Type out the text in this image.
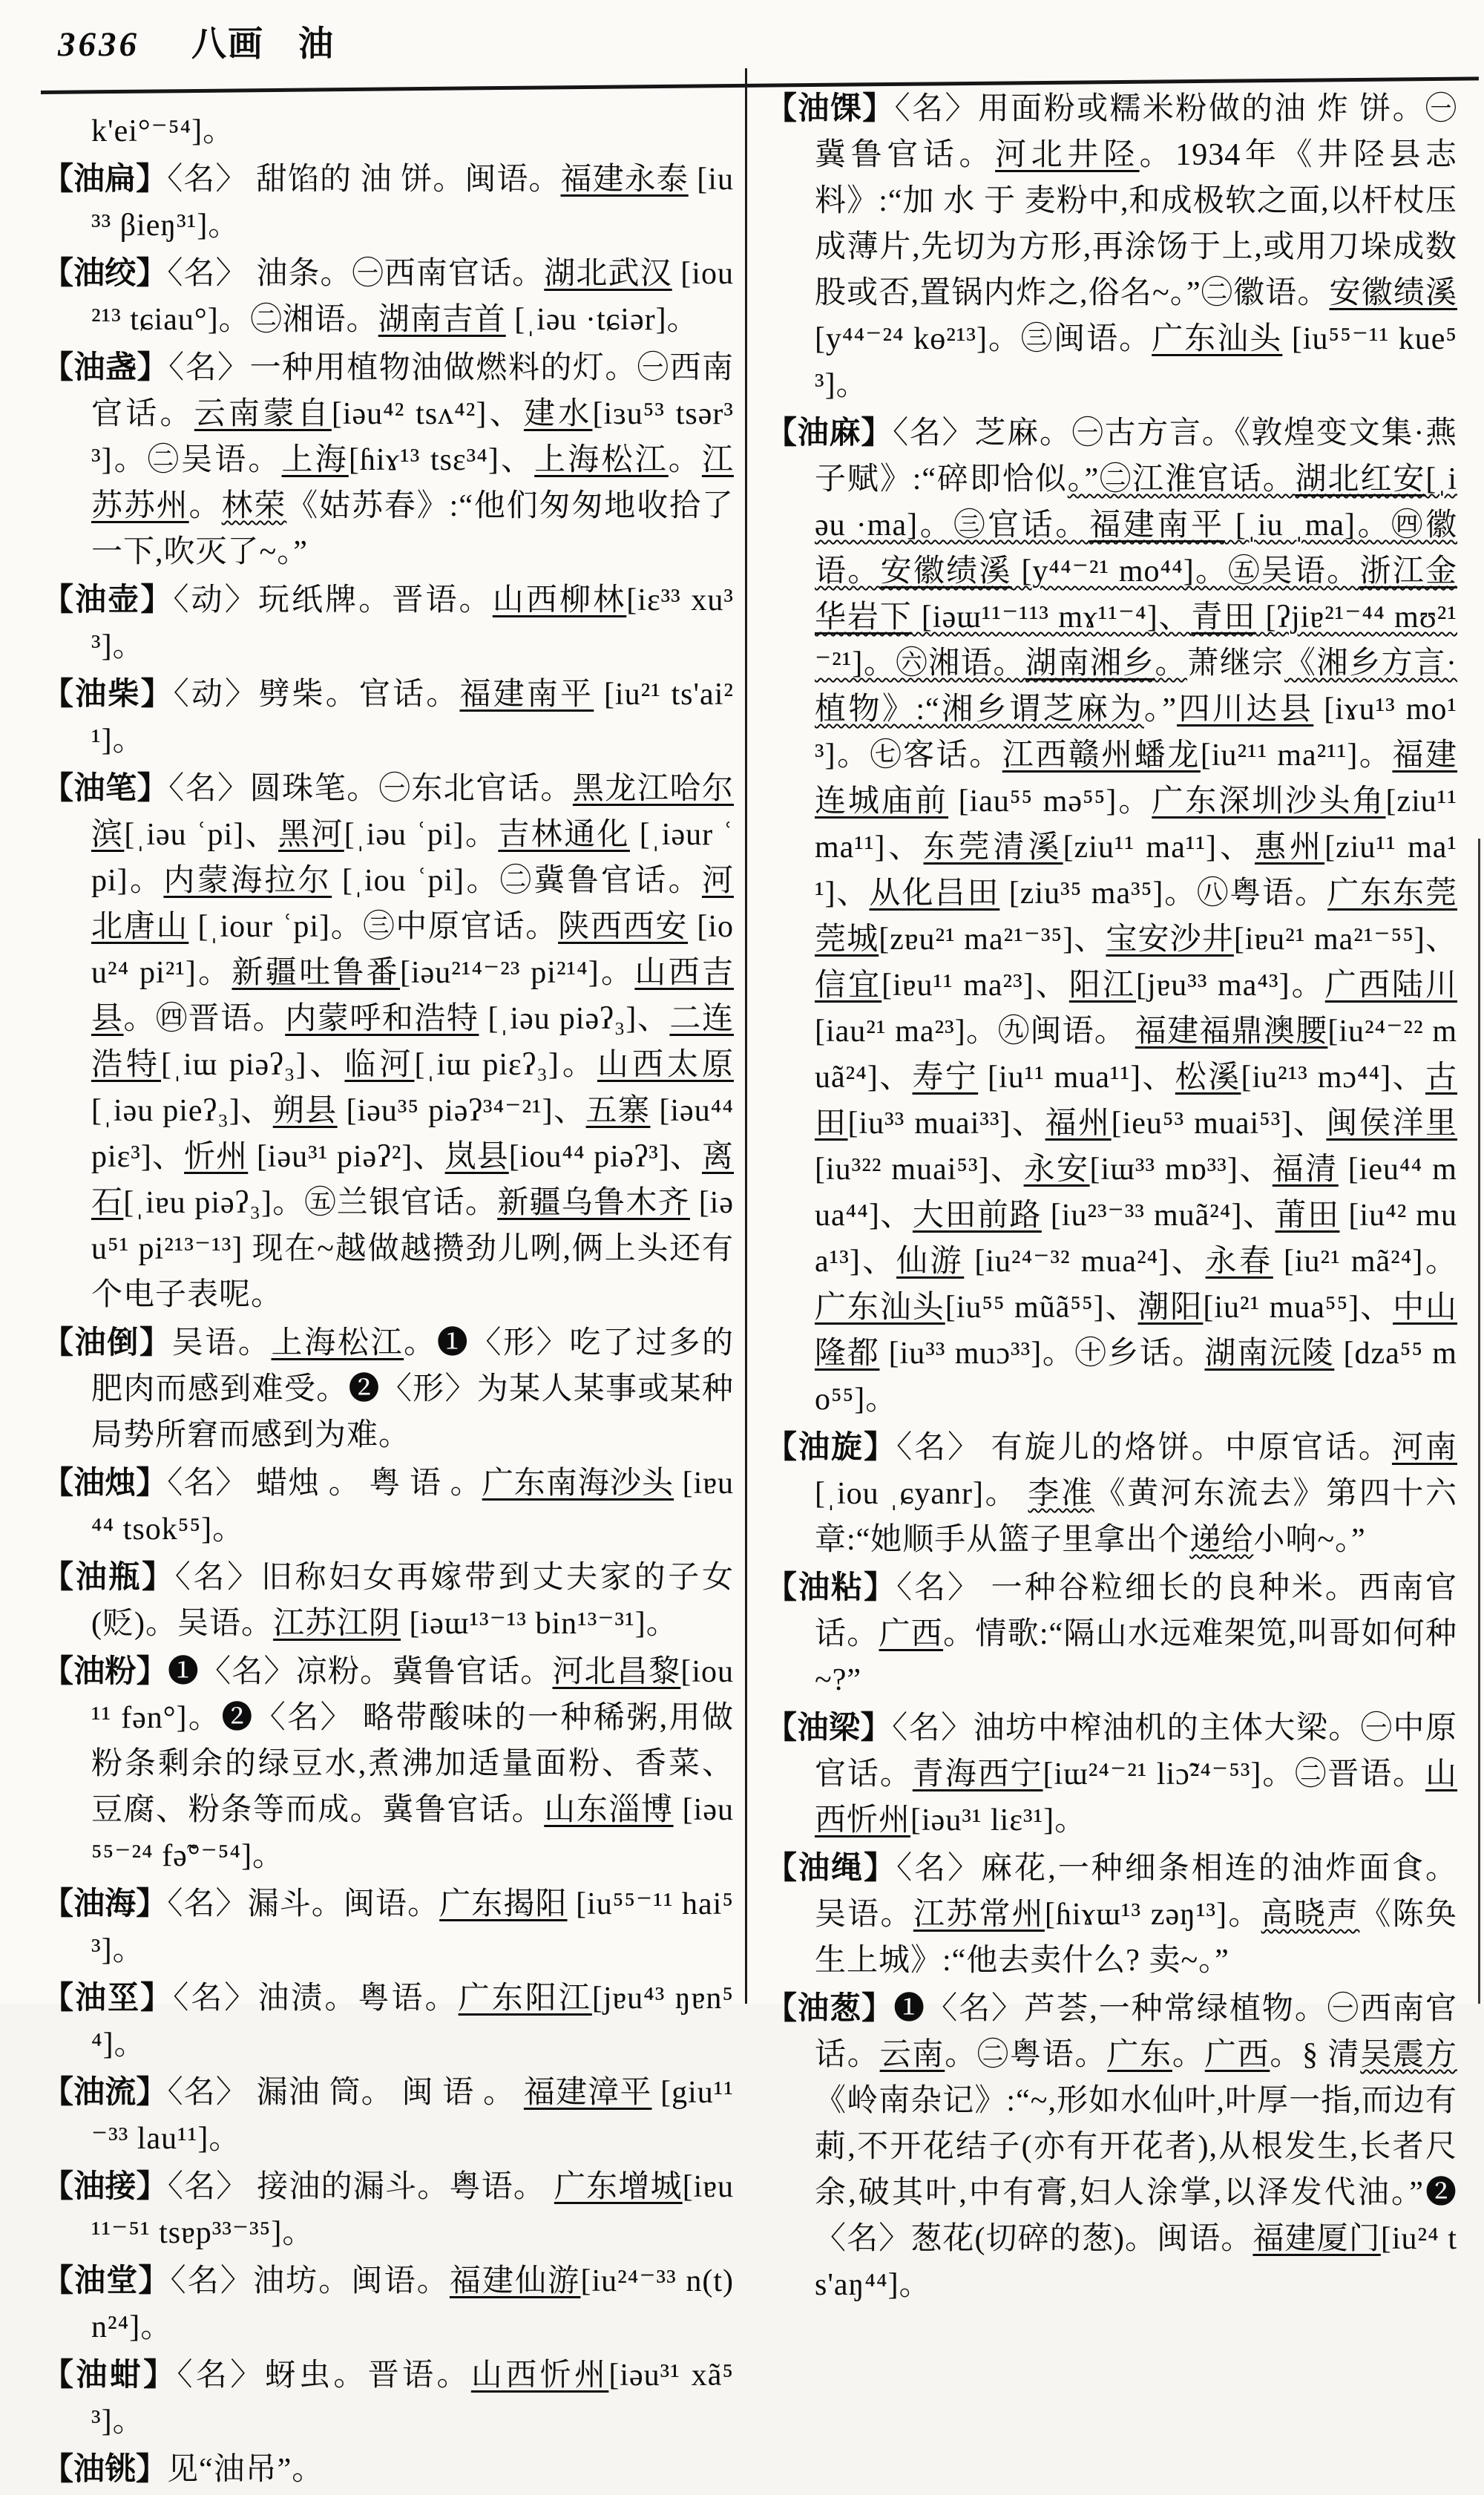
3636 八画 油

k'ei°⁻⁵⁴]。

【油扁】〈名〉 甜馅的 油 饼。闽语。福建永泰 [iu³³ βieŋ³¹]。

【油绞】〈名〉 油条。㊀西南官话。湖北武汉 [iou²¹³ tɕiau°]。㊁湘语。湖南吉首 [ˌiəu ·tɕiər]。

【油盏】〈名〉一种用植物油做燃料的灯。㊀西南官话。云南蒙自[iəu⁴² tsʌ⁴²]、建水[iɜu⁵³ tsər³³]。㊁吴语。上海[ɦiɤ¹³ tsɛ³⁴]、上海松江。江苏苏州。林荣《姑苏春》:“他们匆匆地收拾了一下,吹灭了~。”

【油壶】〈动〉玩纸牌。晋语。山西柳林[iɛ³³ xu³³]。

【油柴】〈动〉劈柴。官话。福建南平 [iu²¹ ts'ai²¹]。

【油笔】〈名〉圆珠笔。㊀东北官话。黑龙江哈尔滨[ˌiəu ʿpi]、黑河[ˌiəu ʿpi]。吉林通化 [ˌiəur ʿpi]。内蒙海拉尔 [ˌiou ʿpi]。㊁冀鲁官话。河北唐山 [ˌiour ʿpi]。㊂中原官话。陕西西安 [iou²⁴ pi²¹]。新疆吐鲁番[iəu²¹⁴⁻²³ pi²¹⁴]。山西吉县。㊃晋语。内蒙呼和浩特 [ˌiəu piəʔ₃]、二连浩特[ˌiɯ piəʔ₃]、临河[ˌiɯ piɛʔ₃]。山西太原 [ˌiəu pieʔ₃]、朔县 [iəu³⁵ piəʔ³⁴⁻²¹]、五寨 [iəu⁴⁴ piɛ³]、忻州 [iəu³¹ piəʔ²]、岚县[iou⁴⁴ piəʔ³]、离石[ˌiɐu piəʔ₃]。㊄兰银官话。新疆乌鲁木齐 [iəu⁵¹ pi²¹³⁻¹³] 现在~越做越攒劲儿咧,俩上头还有个电子表呢。

【油倒】吴语。上海松江。❶〈形〉吃了过多的肥肉而感到难受。❷〈形〉为某人某事或某种局势所窘而感到为难。

【油烛】〈名〉 蜡烛 。 粤 语 。广东南海沙头 [iɐu⁴⁴ tsok⁵⁵]。

【油瓶】〈名〉旧称妇女再嫁带到丈夫家的子女(贬)。吴语。江苏江阴 [iəɯ¹³⁻¹³ bin¹³⁻³¹]。

【油粉】❶〈名〉凉粉。冀鲁官话。河北昌黎[iou¹¹ fən°]。❷〈名〉 略带酸味的一种稀粥,用做粉条剩余的绿豆水,煮沸加适量面粉、香菜、豆腐、粉条等而成。冀鲁官话。山东淄博 [iəu⁵⁵⁻²⁴ fə̃°⁻⁵⁴]。

【油海】〈名〉漏斗。闽语。广东揭阳 [iu⁵⁵⁻¹¹ hai⁵³]。

【油坙】〈名〉油渍。粤语。广东阳江[jɐu⁴³ ŋɐn⁵⁴]。

【油流】〈名〉 漏油 筒。 闽 语 。 福建漳平 [giu¹¹⁻³³ lau¹¹]。

【油接】〈名〉 接油的漏斗。粤语。 广东增城[iɐu¹¹⁻⁵¹ tsɐp³³⁻³⁵]。

【油堂】〈名〉油坊。闽语。福建仙游[iu²⁴⁻³³ n(t)n²⁴]。

【油蚶】〈名〉蚜虫。晋语。山西忻州[iəu³¹ xã⁵³]。

【油铫】见“油吊”。

【油馃】〈名〉用面粉或糯米粉做的油 炸 饼。㊀冀鲁官话。河北井陉。1934年《井陉县志 料》:“加 水 于 麦粉中,和成极软之面,以杆杖压成薄片,先切为方形,再涂饧于上,或用刀垛成数股或否,置锅内炸之,俗名~。”㊁徽语。安徽绩溪[y⁴⁴⁻²⁴ kɵ²¹³]。㊂闽语。广东汕头 [iu⁵⁵⁻¹¹ kue⁵³]。

【油麻】〈名〉芝麻。㊀古方言。《敦煌变文集·燕子赋》:“碎即恰似。”㊁江淮官话。湖北红安[ˌiəu ·ma]。㊂官话。福建南平 [ˌiu ˌma]。㊃徽语。安徽绩溪 [y⁴⁴⁻²¹ mo⁴⁴]。㊄吴语。浙江金华岩下 [iəɯ¹¹⁻¹¹³ mɤ¹¹⁻⁴]、青田 [ʔjiɐ²¹⁻⁴⁴ mʊ²¹⁻²¹]。㊅湘语。湖南湘乡。萧继宗《湘乡方言·植物》:“湘乡谓芝麻为。”四川达县 [iɤu¹³ mo¹³]。㊆客话。江西赣州蟠龙[iu²¹¹ ma²¹¹]。福建连城庙前 [iau⁵⁵ mə⁵⁵]。广东深圳沙头角[ziu¹¹ ma¹¹]、东莞清溪[ziu¹¹ ma¹¹]、惠州[ziu¹¹ ma¹¹]、从化吕田 [ziu³⁵ ma³⁵]。㊇粤语。广东东莞莞城[zɐu²¹ ma²¹⁻³⁵]、宝安沙井[iɐu²¹ ma²¹⁻⁵⁵]、信宜[iɐu¹¹ ma²³]、阳江[jɐu³³ ma⁴³]。广西陆川 [iau²¹ ma²³]。㊈闽语。 福建福鼎澳腰[iu²⁴⁻²² muã²⁴]、寿宁 [iu¹¹ mua¹¹]、松溪[iu²¹³ mɔ⁴⁴]、古田[iu³³ muai³³]、福州[ieu⁵³ muai⁵³]、闽侯洋里[iu³²² muai⁵³]、永安[iɯ³³ mɒ³³]、福清 [ieu⁴⁴ mua⁴⁴]、大田前路 [iu²³⁻³³ muã²⁴]、莆田 [iu⁴² mua¹³]、仙游 [iu²⁴⁻³² mua²⁴]、永春 [iu²¹ mã²⁴]。广东汕头[iu⁵⁵ mũã⁵⁵]、潮阳[iu²¹ mua⁵⁵]、中山隆都 [iu³³ muɔ³³]。㊉乡话。湖南沅陵 [dza⁵⁵ mo⁵⁵]。

【油旋】〈名〉 有旋儿的烙饼。中原官话。河南 [ˌiou ˌɕyanr]。 李准《黄河东流去》第四十六章:“她顺手从篮子里拿出个递给小响~。”

【油粘】〈名〉 一种谷粒细长的良种米。西南官话。广西。情歌:“隔山水远难架笕,叫哥如何种~?”

【油梁】〈名〉油坊中榨油机的主体大梁。㊀中原官话。青海西宁[iɯ²⁴⁻²¹ liɔ̃²⁴⁻⁵³]。㊁晋语。山西忻州[iəu³¹ liɛ³¹]。

【油绳】〈名〉麻花,一种细条相连的油炸面食。吴语。江苏常州[ɦiɤɯ¹³ zəŋ¹³]。高晓声《陈奂生上城》:“他去卖什么? 卖~。”

【油葱】❶〈名〉芦荟,一种常绿植物。㊀西南官话。云南。㊁粤语。广东。广西。§ 清吴震方《岭南杂记》:“~,形如水仙叶,叶厚一指,而边有莿,不开花结子(亦有开花者),从根发生,长者尺余,破其叶,中有膏,妇人涂掌,以泽发代油。”❷〈名〉葱花(切碎的葱)。闽语。福建厦门[iu²⁴ ts'aŋ⁴⁴]。
